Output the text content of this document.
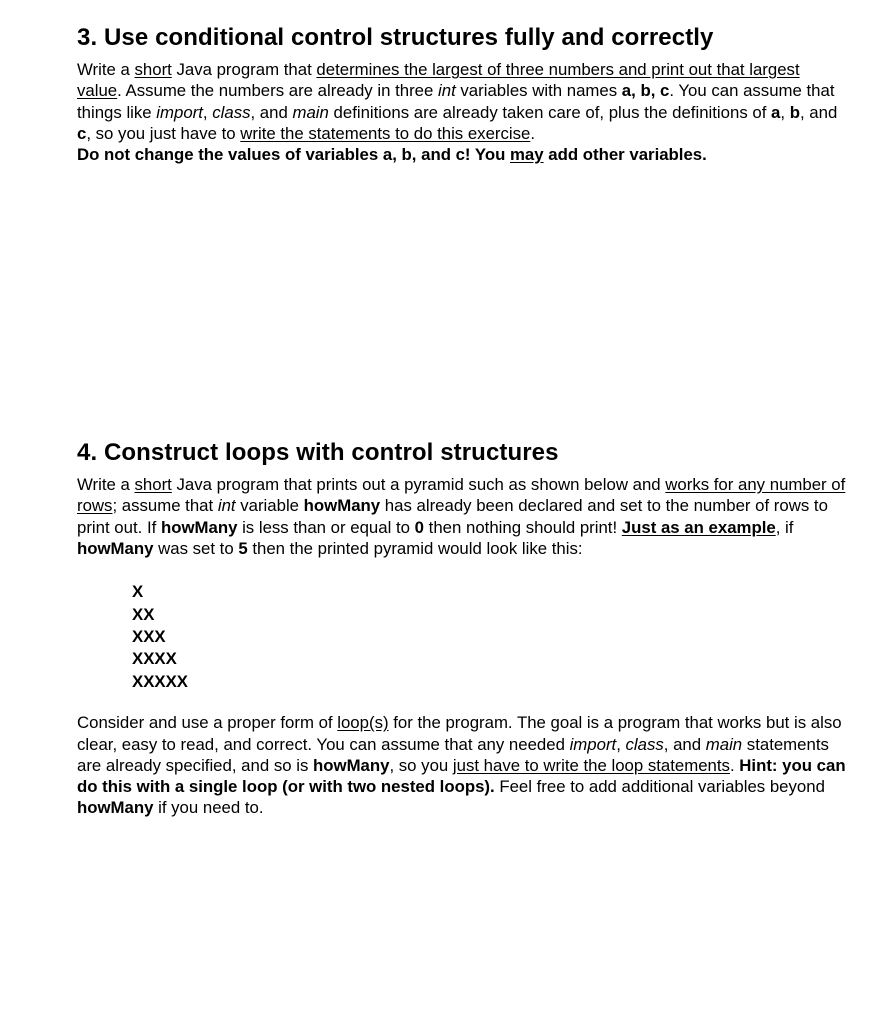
3. Use conditional control structures fully and correctly

Write a short Java program that determines the largest of three numbers and print out that largest value. Assume the numbers are already in three int variables with names a, b, c. You can assume that things like import, class, and main definitions are already taken care of, plus the definitions of a, b, and c, so you just have to write the statements to do this exercise.
Do not change the values of variables a, b, and c! You may add other variables.

4. Construct loops with control structures

Write a short Java program that prints out a pyramid such as shown below and works for any number of rows; assume that int variable howMany has already been declared and set to the number of rows to print out. If howMany is less than or equal to 0 then nothing should print! Just as an example, if howMany was set to 5 then the printed pyramid would look like this:

X
XX
XXX
XXXX
XXXXX

Consider and use a proper form of loop(s) for the program. The goal is a program that works but is also clear, easy to read, and correct. You can assume that any needed import, class, and main statements are already specified, and so is howMany, so you just have to write the loop statements. Hint: you can do this with a single loop (or with two nested loops). Feel free to add additional variables beyond howMany if you need to.
